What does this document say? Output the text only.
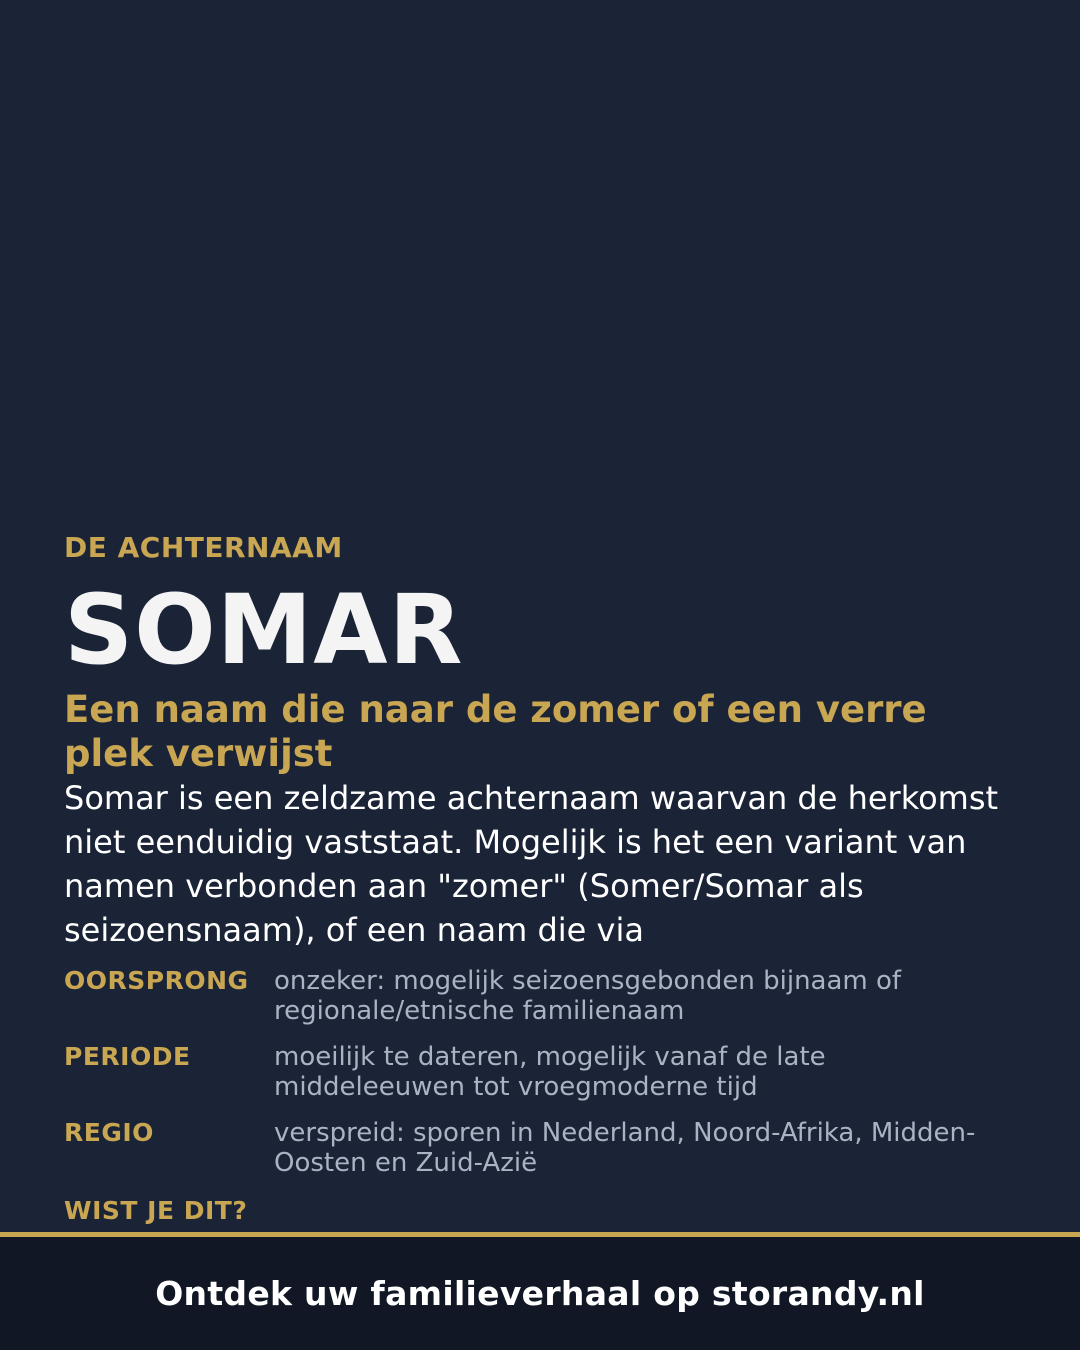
DE ACHTERNAAM
SOMAR
Een naam die naar de zomer of een verre plek verwijst
Somar is een zeldzame achternaam waarvan de herkomst niet eenduidig vaststaat. Mogelijk is het een variant van namen verbonden aan "zomer" (Somer/Somar als seizoensnaam), of een naam die via
OORSPRONG onzeker: mogelijk seizoensgebonden bijnaam of regionale/etnische familienaam
PERIODE	moeilijk te dateren, mogelijk vanaf de late middeleeuwen tot vroegmoderne tijd
REGIO	verspreid: sporen in Nederland, Noord-Afrika, Midden-Oosten en Zuid-Azië
WIST JE DIT?
Ontdek uw familieverhaal op storandy.nl
